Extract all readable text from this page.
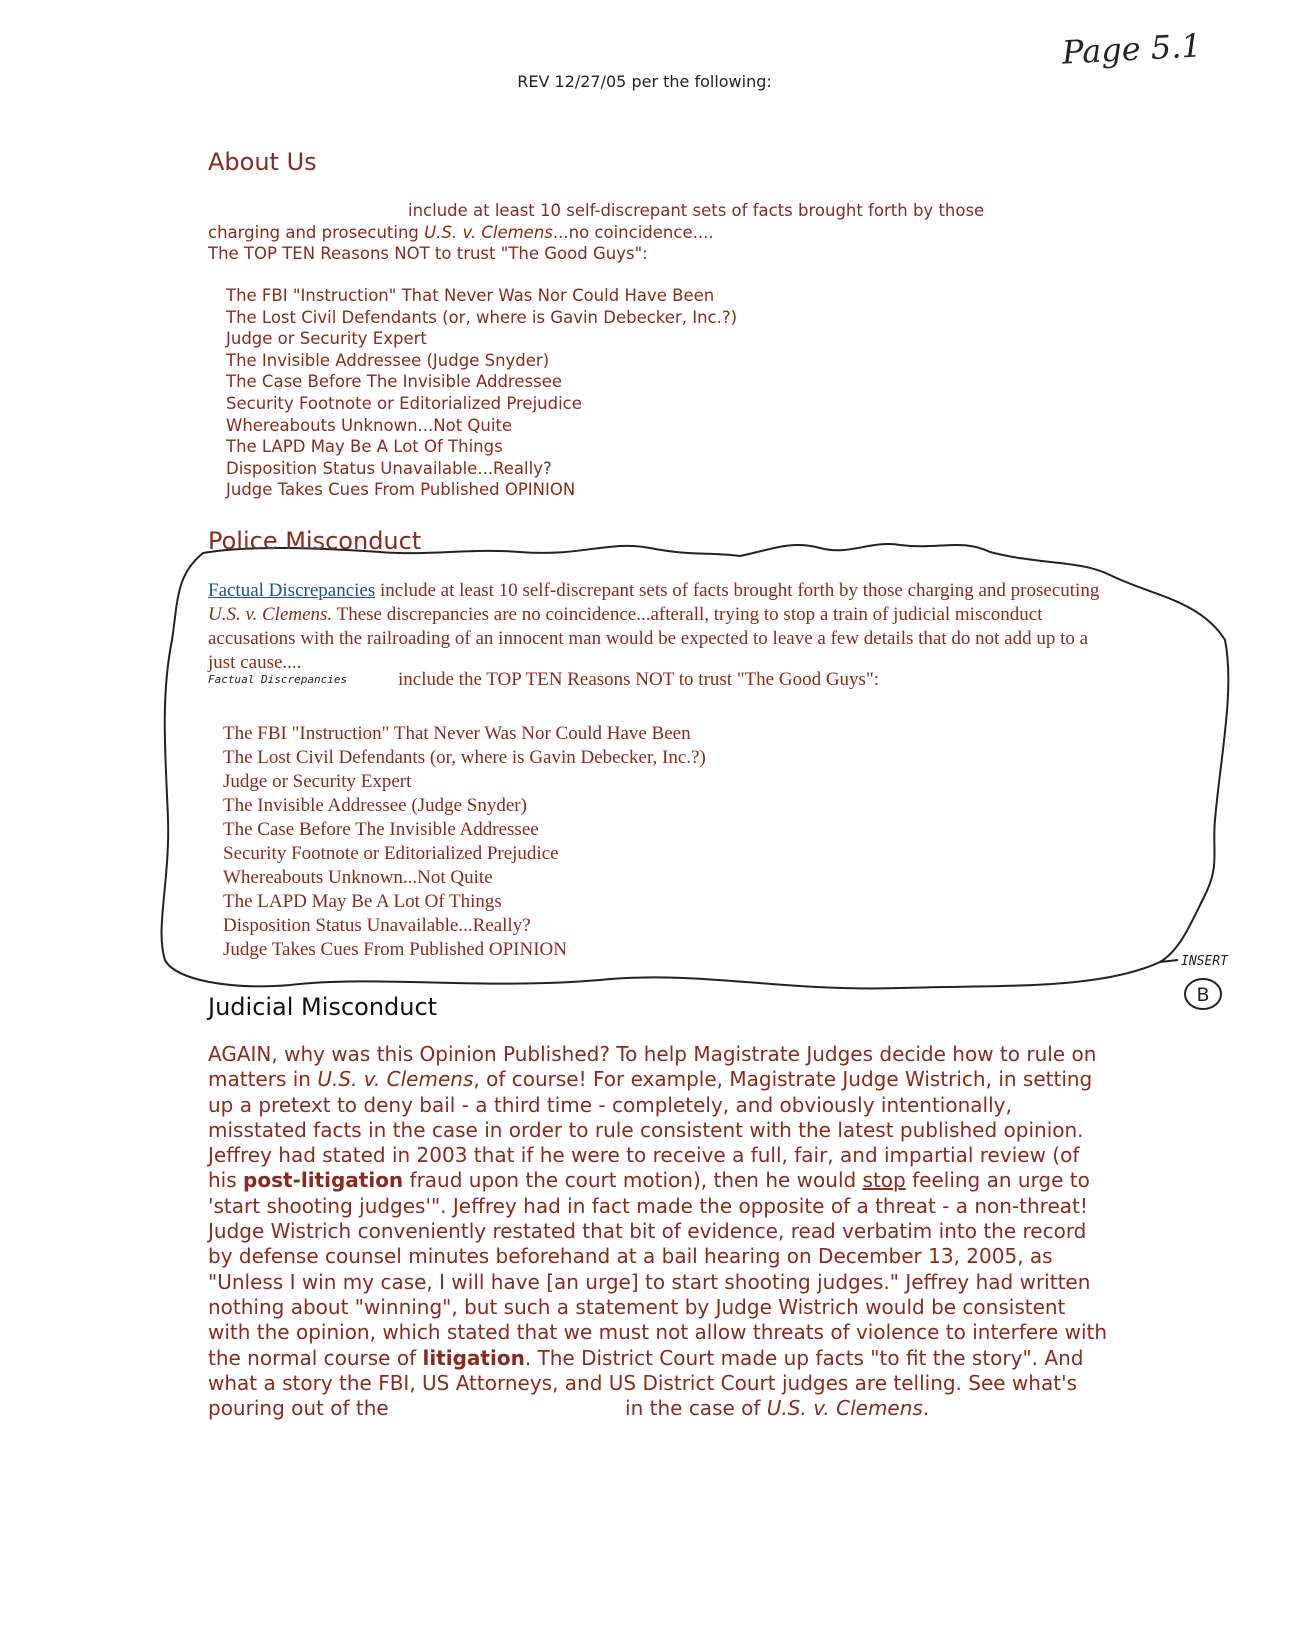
Page 5.1
REV 12/27/05 per the following:
About Us
include at least 10 self-discrepant sets of facts brought forth by those
charging and prosecuting U.S. v. Clemens...no coincidence....
The TOP TEN Reasons NOT to trust "The Good Guys":
The FBI "Instruction" That Never Was Nor Could Have Been
The Lost Civil Defendants (or, where is Gavin Debecker, Inc.?)
Judge or Security Expert
The Invisible Addressee (Judge Snyder)
The Case Before The Invisible Addressee
Security Footnote or Editorialized Prejudice
Whereabouts Unknown...Not Quite
The LAPD May Be A Lot Of Things
Disposition Status Unavailable...Really?
Judge Takes Cues From Published OPINION
Police Misconduct
Factual Discrepancies include at least 10 self-discrepant sets of facts brought forth by those charging and prosecuting U.S. v. Clemens. These discrepancies are no coincidence...afterall, trying to stop a train of judicial misconduct accusations with the railroading of an innocent man would be expected to leave a few details that do not add up to a just cause....
Factual Discrepancies	include the TOP TEN Reasons NOT to trust "The Good Guys":
The FBI "Instruction" That Never Was Nor Could Have Been
The Lost Civil Defendants (or, where is Gavin Debecker, Inc.?)
Judge or Security Expert
The Invisible Addressee (Judge Snyder)
The Case Before The Invisible Addressee
Security Footnote or Editorialized Prejudice
Whereabouts Unknown...Not Quite
The LAPD May Be A Lot Of Things
Disposition Status Unavailable...Really?
Judge Takes Cues From Published OPINION
INSERT
B
Judicial Misconduct
AGAIN, why was this Opinion Published? To help Magistrate Judges decide how to rule on matters in U.S. v. Clemens, of course! For example, Magistrate Judge Wistrich, in setting up a pretext to deny bail - a third time - completely, and obviously intentionally, misstated facts in the case in order to rule consistent with the latest published opinion. Jeffrey had stated in 2003 that if he were to receive a full, fair, and impartial review (of his post-litigation fraud upon the court motion), then he would stop feeling an urge to 'start shooting judges'". Jeffrey had in fact made the opposite of a threat - a non-threat! Judge Wistrich conveniently restated that bit of evidence, read verbatim into the record by defense counsel minutes beforehand at a bail hearing on December 13, 2005, as "Unless I win my case, I will have [an urge] to start shooting judges." Jeffrey had written nothing about "winning", but such a statement by Judge Wistrich would be consistent with the opinion, which stated that we must not allow threats of violence to interfere with the normal course of litigation. The District Court made up facts "to fit the story". And what a story the FBI, US Attorneys, and US District Court judges are telling. See what's pouring out of the	in the case of U.S. v. Clemens.
